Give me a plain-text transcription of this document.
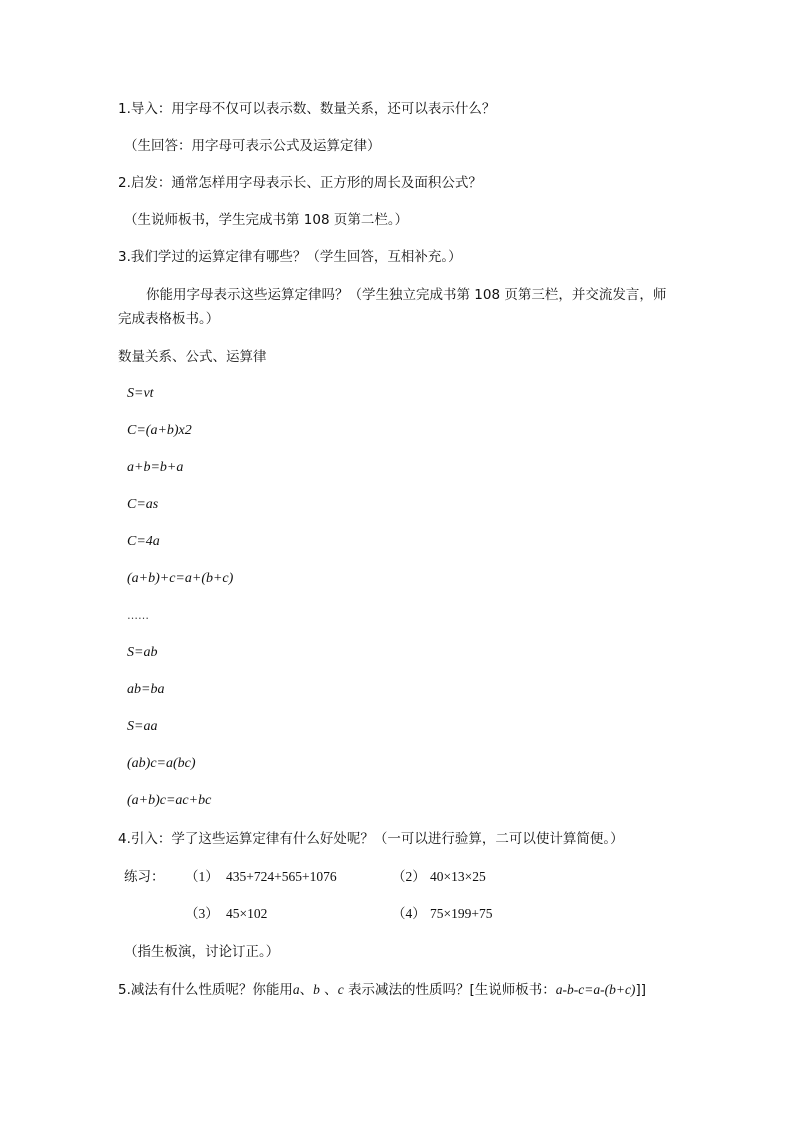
1.导入：用字母不仅可以表示数、数量关系，还可以表示什么？
（生回答：用字母可表示公式及运算定律）
2.启发：通常怎样用字母表示长、正方形的周长及面积公式？
（生说师板书，学生完成书第 108 页第二栏。）
3.我们学过的运算定律有哪些？（学生回答，互相补充。）
你能用字母表示这些运算定律吗？（学生独立完成书第 108 页第三栏，并交流发言，师
完成表格板书。）
数量关系、公式、运算律
S=vt
C=(a+b)x2
a+b=b+a
C=as
C=4a
(a+b)+c=a+(b+c)
……
S=ab
ab=ba
S=aa
(ab)c=a(bc)
(a+b)c=ac+bc
4.引入：学了这些运算定律有什么好处呢？（一可以进行验算，二可以使计算简便。）
练习： （1） 435+724+565+1076	（2） 40×13×25
（3） 45×102	（4） 75×199+75
（指生板演，讨论订正。）
5.减法有什么性质呢？你能用a、b 、c 表示减法的性质吗？[生说师板书：a-b-c=a-(b+c)]]
